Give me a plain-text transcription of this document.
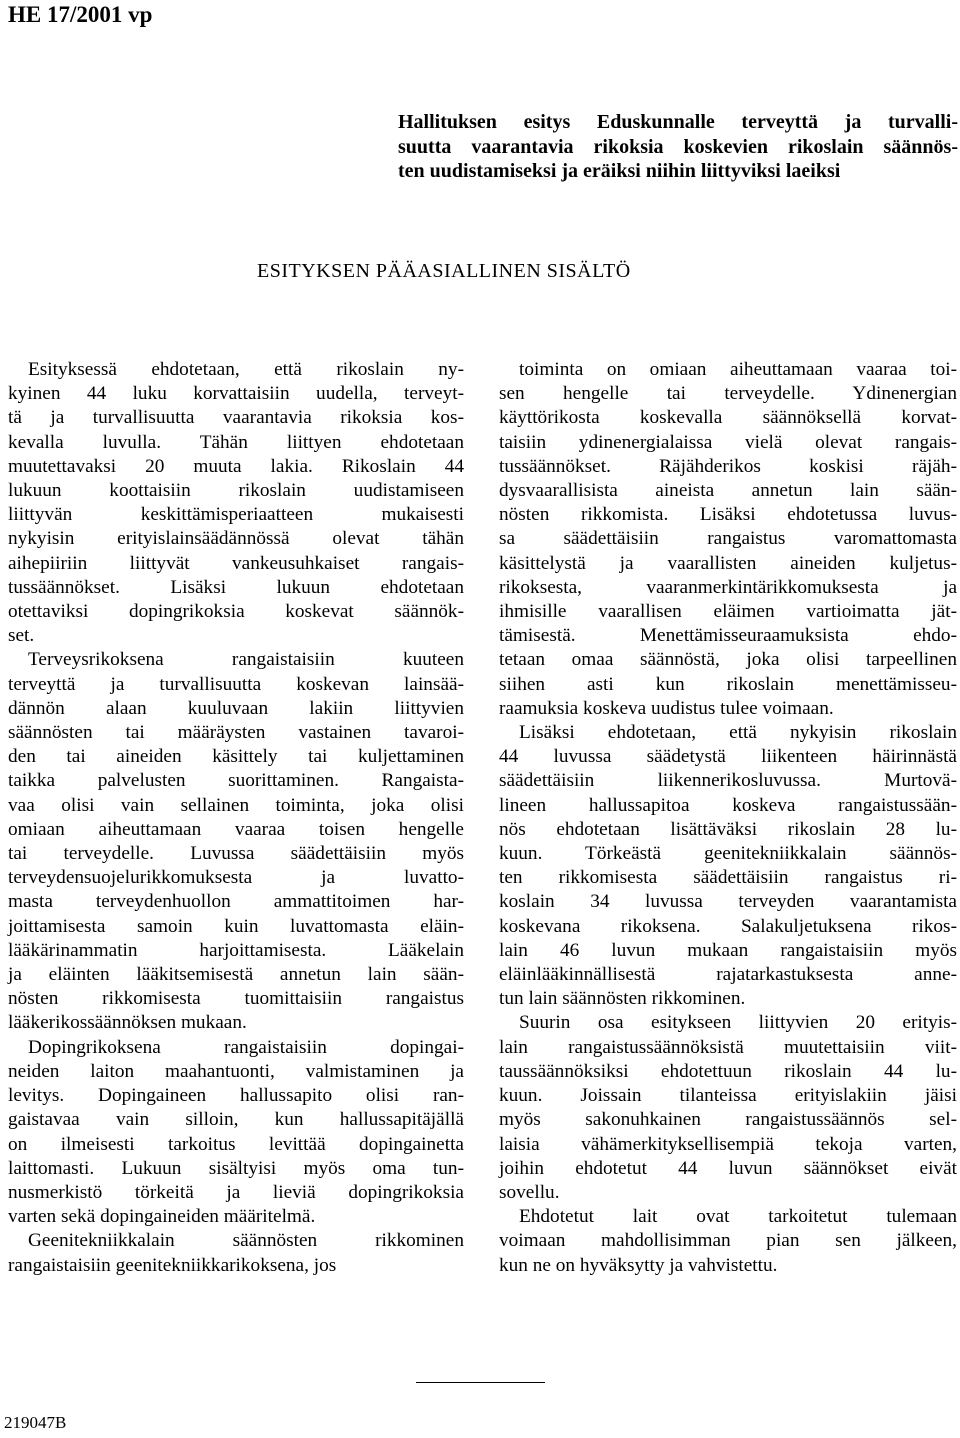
HE 17/2001 vp
Hallituksen esitys Eduskunnalle terveyttä ja turvalli-
suutta vaarantavia rikoksia koskevien rikoslain säännös-
ten uudistamiseksi ja eräiksi niihin liittyviksi laeiksi
ESITYKSEN PÄÄASIALLINEN SISÄLTÖ

Esityksessä ehdotetaan, että rikoslain ny-
kyinen 44 luku korvattaisiin uudella, terveyt-
tä ja turvallisuutta vaarantavia rikoksia kos-
kevalla luvulla. Tähän liittyen ehdotetaan
muutettavaksi 20 muuta lakia. Rikoslain 44
lukuun koottaisiin rikoslain uudistamiseen
liittyvän keskittämisperiaatteen mukaisesti
nykyisin erityislainsäädännössä olevat tähän
aihepiiriin liittyvät vankeusuhkaiset rangais-
tussäännökset. Lisäksi lukuun ehdotetaan
otettaviksi dopingrikoksia koskevat säännök-
set.

Terveysrikoksena rangaistaisiin kuuteen
terveyttä ja turvallisuutta koskevan lainsää-
dännön alaan kuuluvaan lakiin liittyvien
säännösten tai määräysten vastainen tavaroi-
den tai aineiden käsittely tai kuljettaminen
taikka palvelusten suorittaminen. Rangaista-
vaa olisi vain sellainen toiminta, joka olisi
omiaan aiheuttamaan vaaraa toisen hengelle
tai terveydelle. Luvussa säädettäisiin myös
terveydensuojelurikkomuksesta ja luvatto-
masta terveydenhuollon ammattitoimen har-
joittamisesta samoin kuin luvattomasta eläin-
lääkärinammatin harjoittamisesta. Lääkelain
ja eläinten lääkitsemisestä annetun lain sään-
nösten rikkomisesta tuomittaisiin rangaistus
lääkerikossäännöksen mukaan.

Dopingrikoksena rangaistaisiin dopingai-
neiden laiton maahantuonti, valmistaminen ja
levitys. Dopingaineen hallussapito olisi ran-
gaistavaa vain silloin, kun hallussapitäjällä
on ilmeisesti tarkoitus levittää dopingainetta
laittomasti. Lukuun sisältyisi myös oma tun-
nusmerkistö törkeitä ja lieviä dopingrikoksia
varten sekä dopingaineiden määritelmä.

Geenitekniikkalain säännösten rikkominen
rangaistaisiin geenitekniikkarikoksena, jos

toiminta on omiaan aiheuttamaan vaaraa toi-
sen hengelle tai terveydelle. Ydinenergian
käyttörikosta koskevalla säännöksellä korvat-
taisiin ydinenergialaissa vielä olevat rangais-
tussäännökset. Räjähderikos koskisi räjäh-
dysvaarallisista aineista annetun lain sään-
nösten rikkomista. Lisäksi ehdotetussa luvus-
sa säädettäisiin rangaistus varomattomasta
käsittelystä ja vaarallisten aineiden kuljetus-
rikoksesta, vaaranmerkintärikkomuksesta ja
ihmisille vaarallisen eläimen vartioimatta jät-
tämisestä. Menettämisseuraamuksista ehdo-
tetaan omaa säännöstä, joka olisi tarpeellinen
siihen asti kun rikoslain menettämisseu-
raamuksia koskeva uudistus tulee voimaan.

Lisäksi ehdotetaan, että nykyisin rikoslain
44 luvussa säädetystä liikenteen häirinnästä
säädettäisiin liikennerikosluvussa. Murtovä-
lineen hallussapitoa koskeva rangaistussään-
nös ehdotetaan lisättäväksi rikoslain 28 lu-
kuun. Törkeästä geenitekniikkalain säännös-
ten rikkomisesta säädettäisiin rangaistus ri-
koslain 34 luvussa terveyden vaarantamista
koskevana rikoksena. Salakuljetuksena rikos-
lain 46 luvun mukaan rangaistaisiin myös
eläinlääkinnällisestä rajatarkastuksesta anne-
tun lain säännösten rikkominen.

Suurin osa esitykseen liittyvien 20 erityis-
lain rangaistussäännöksistä muutettaisiin viit-
taussäännöksiksi ehdotettuun rikoslain 44 lu-
kuun. Joissain tilanteissa erityislakiin jäisi
myös sakonuhkainen rangaistussäännös sel-
laisia vähämerkityksellisempiä tekoja varten,
joihin ehdotetut 44 luvun säännökset eivät
sovellu.

Ehdotetut lait ovat tarkoitetut tulemaan
voimaan mahdollisimman pian sen jälkeen,
kun ne on hyväksytty ja vahvistettu.

219047B
